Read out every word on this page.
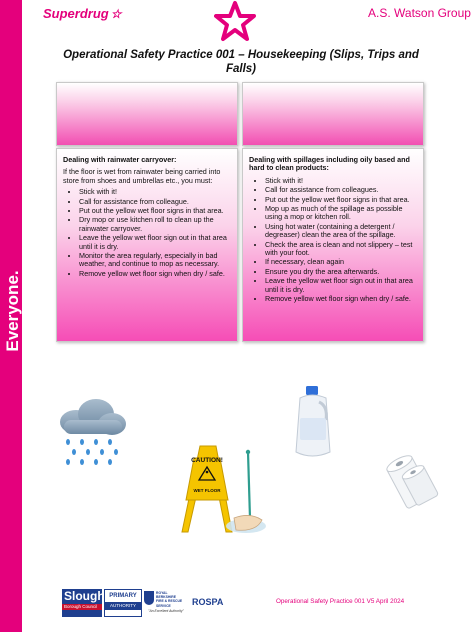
Everyone.
Superdrug ☆	A.S. Watson Group
Operational Safety Practice 001 – Housekeeping (Slips, Trips and Falls)
Dealing with rainwater carryover:
If the floor is wet from rainwater being carried into store from shoes and umbrellas etc., you must:
• Stick with it!
• Call for assistance from colleague.
• Put out the yellow wet floor signs in that area.
• Dry mop or use kitchen roll to clean up the rainwater carryover.
• Leave the yellow wet floor sign out in that area until it is dry.
• Monitor the area regularly, especially in bad weather, and continue to mop as necessary.
• Remove yellow wet floor sign when dry / safe.
Dealing with spillages including oily based and hard to clean products:
• Stick with it!
• Call for assistance from colleagues.
• Put out the yellow wet floor signs in that area.
• Mop up as much of the spillage as possible using a mop or kitchen roll.
• Using hot water (containing a detergent / degreaser) clean the area of the spillage.
• Check the area is clean and not slippery – test with your foot.
• If necessary, clean again
• Ensure you dry the area afterwards.
• Leave the yellow wet floor sign out in that area until it is dry.
• Remove yellow wet floor sign when dry / safe.
CAUTION!
WET FLOOR
Slough
Borough Council
PRIMARY
AUTHORITY
ROYAL BERKSHIRE
FIRE & RESCUE
SERVICE
"An Excellent Authority"
ROSPA	Operational Safety Practice 001 V5 April 2024
